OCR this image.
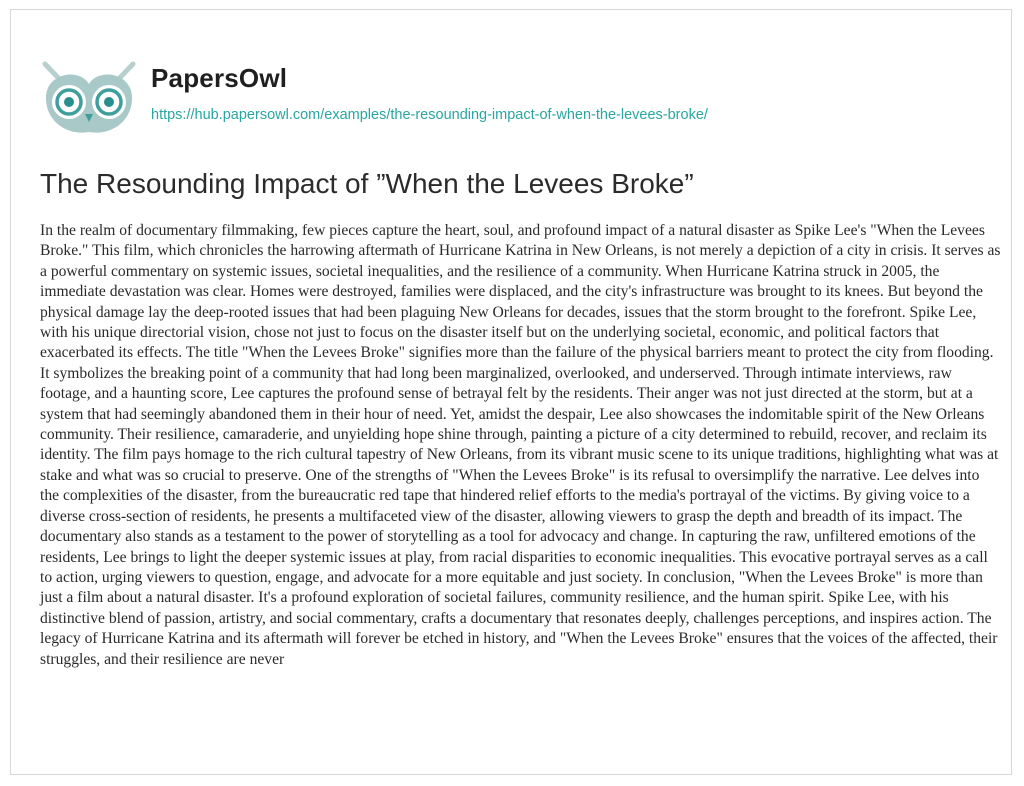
PapersOwl
https://hub.papersowl.com/examples/the-resounding-impact-of-when-the-levees-broke/
The Resounding Impact of ”When the Levees Broke”

In the realm of documentary filmmaking, few pieces capture the heart, soul, and profound impact of a natural disaster as Spike Lee's "When the Levees Broke." This film, which chronicles the harrowing aftermath of Hurricane Katrina in New Orleans, is not merely a depiction of a city in crisis. It serves as a powerful commentary on systemic issues, societal inequalities, and the resilience of a community. When Hurricane Katrina struck in 2005, the immediate devastation was clear. Homes were destroyed, families were displaced, and the city's infrastructure was brought to its knees. But beyond the physical damage lay the deep-rooted issues that had been plaguing New Orleans for decades, issues that the storm brought to the forefront. Spike Lee, with his unique directorial vision, chose not just to focus on the disaster itself but on the underlying societal, economic, and political factors that exacerbated its effects. The title "When the Levees Broke" signifies more than the failure of the physical barriers meant to protect the city from flooding. It symbolizes the breaking point of a community that had long been marginalized, overlooked, and underserved. Through intimate interviews, raw footage, and a haunting score, Lee captures the profound sense of betrayal felt by the residents. Their anger was not just directed at the storm, but at a system that had seemingly abandoned them in their hour of need. Yet, amidst the despair, Lee also showcases the indomitable spirit of the New Orleans community. Their resilience, camaraderie, and unyielding hope shine through, painting a picture of a city determined to rebuild, recover, and reclaim its identity. The film pays homage to the rich cultural tapestry of New Orleans, from its vibrant music scene to its unique traditions, highlighting what was at stake and what was so crucial to preserve. One of the strengths of "When the Levees Broke" is its refusal to oversimplify the narrative. Lee delves into the complexities of the disaster, from the bureaucratic red tape that hindered relief efforts to the media's portrayal of the victims. By giving voice to a diverse cross-section of residents, he presents a multifaceted view of the disaster, allowing viewers to grasp the depth and breadth of its impact. The documentary also stands as a testament to the power of storytelling as a tool for advocacy and change. In capturing the raw, unfiltered emotions of the residents, Lee brings to light the deeper systemic issues at play, from racial disparities to economic inequalities. This evocative portrayal serves as a call to action, urging viewers to question, engage, and advocate for a more equitable and just society. In conclusion, "When the Levees Broke" is more than just a film about a natural disaster. It's a profound exploration of societal failures, community resilience, and the human spirit. Spike Lee, with his distinctive blend of passion, artistry, and social commentary, crafts a documentary that resonates deeply, challenges perceptions, and inspires action. The legacy of Hurricane Katrina and its aftermath will forever be etched in history, and "When the Levees Broke" ensures that the voices of the affected, their struggles, and their resilience are never
